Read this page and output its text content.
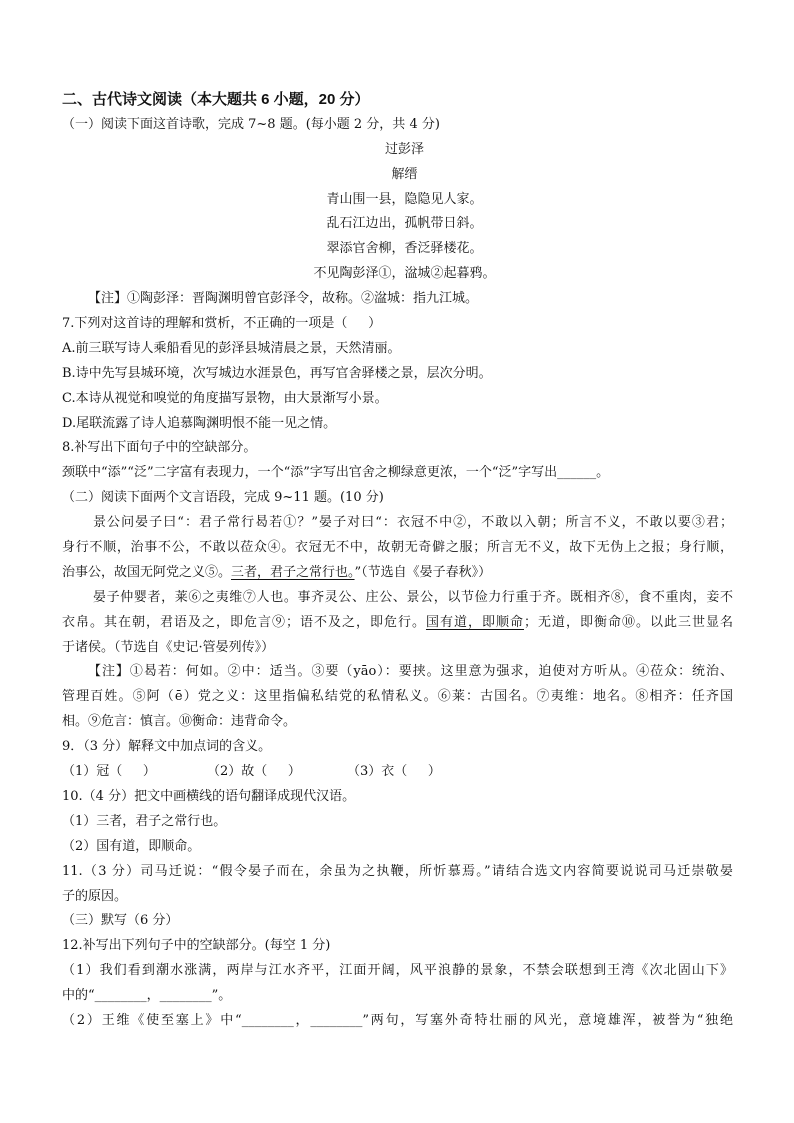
二、古代诗文阅读（本大题共 6 小题，20 分）
（一）阅读下面这首诗歌，完成 7~8 题。(每小题 2 分，共 4 分)
过彭泽
解缙
青山围一县，隐隐见人家。
乱石江边出，孤帆带日斜。
翠添官舍柳，香泛驿楼花。
不见陶彭泽①，湓城②起暮鸦。
【注】①陶彭泽：晋陶渊明曾官彭泽令，故称。②湓城：指九江城。
7.下列对这首诗的理解和赏析，不正确的一项是（     ）
A.前三联写诗人乘船看见的彭泽县城清晨之景，天然清丽。
B.诗中先写县城环境，次写城边水涯景色，再写官舍驿楼之景，层次分明。
C.本诗从视觉和嗅觉的角度描写景物，由大景渐写小景。
D.尾联流露了诗人追慕陶渊明恨不能一见之情。
8.补写出下面句子中的空缺部分。
颈联中“添”“泛”二字富有表现力，一个“添”字写出官舍之柳绿意更浓，一个“泛”字写出______。
（二）阅读下面两个文言语段，完成 9~11 题。(10 分)
景公问晏子曰“：君子常行曷若①？”晏子对曰“：衣冠不中②，不敢以入朝；所言不义，不敢以要③君；
身行不顺，治事不公，不敢以莅众④。衣冠无不中，故朝无奇僻之服；所言无不义，故下无伪上之报；身行顺，
治事公，故国无阿党之义⑤。三者，君子之常行也。”（节选自《晏子春秋》）
晏子仲婴者，莱⑥之夷维⑦人也。事齐灵公、庄公、景公，以节俭力行重于齐。既相齐⑧，食不重肉，妾不
衣帛。其在朝，君语及之，即危言⑨；语不及之，即危行。国有道，即顺命；无道，即衡命⑩。以此三世显名
于诸侯。（节选自《史记·管晏列传》）
【注】①曷若：何如。②中：适当。③要（yāo）：要挟。这里意为强求，迫使对方听从。④莅众：统治、
管理百姓。⑤阿（ē）党之义：这里指偏私结党的私情私义。⑥莱：古国名。⑦夷维：地名。⑧相齐：任齐国
相。⑨危言：慎言。⑩衡命：违背命令。
9．（3 分）解释文中加点词的含义。

（1）冠（     ）

	（2）故（     ）

	（3）衣（     ）

10.（4 分）把文中画横线的语句翻译成现代汉语。
（1）三者，君子之常行也。
（2）国有道，即顺命。
11.（3 分）司马迁说：“假令晏子而在，余虽为之执鞭，所忻慕焉。”请结合选文内容简要说说司马迁崇敬晏
子的原因。
（三）默写（6 分）
12.补写出下列句子中的空缺部分。(每空 1 分)
（1）我们看到潮水涨满，两岸与江水齐平，江面开阔，风平浪静的景象，不禁会联想到王湾《次北固山下》
中的“________，________”。
（2）王维《使至塞上》中“________，________”两句，写塞外奇特壮丽的风光，意境雄浑，被誉为“独绝
